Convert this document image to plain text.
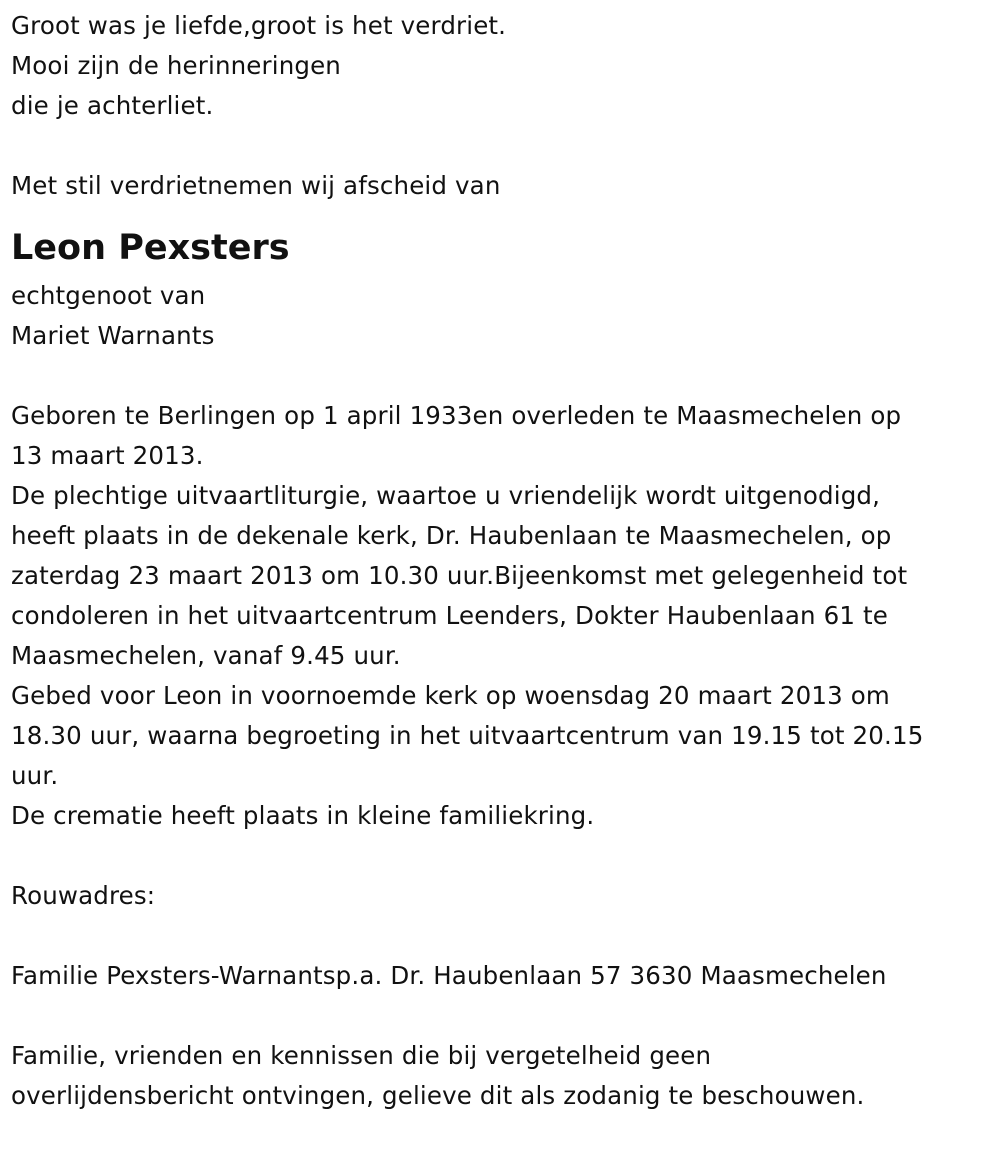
Groot was je liefde,groot is het verdriet.
Mooi zijn de herinneringen
die je achterliet.
Met stil verdrietnemen wij afscheid van
Leon Pexsters
echtgenoot van
Mariet Warnants
Geboren te Berlingen op 1 april 1933en overleden te Maasmechelen op
13 maart 2013.
De plechtige uitvaartliturgie, waartoe u vriendelijk wordt uitgenodigd,
heeft plaats in de dekenale kerk, Dr. Haubenlaan te Maasmechelen, op
zaterdag 23 maart 2013 om 10.30 uur.Bijeenkomst met gelegenheid tot
condoleren in het uitvaartcentrum Leenders, Dokter Haubenlaan 61 te
Maasmechelen, vanaf 9.45 uur.
Gebed voor Leon in voornoemde kerk op woensdag 20 maart 2013 om
18.30 uur, waarna begroeting in het uitvaartcentrum van 19.15 tot 20.15
uur.
De crematie heeft plaats in kleine familiekring.
Rouwadres:
Familie Pexsters-Warnantsp.a. Dr. Haubenlaan 57 3630 Maasmechelen
Familie, vrienden en kennissen die bij vergetelheid geen
overlijdensbericht ontvingen, gelieve dit als zodanig te beschouwen.
